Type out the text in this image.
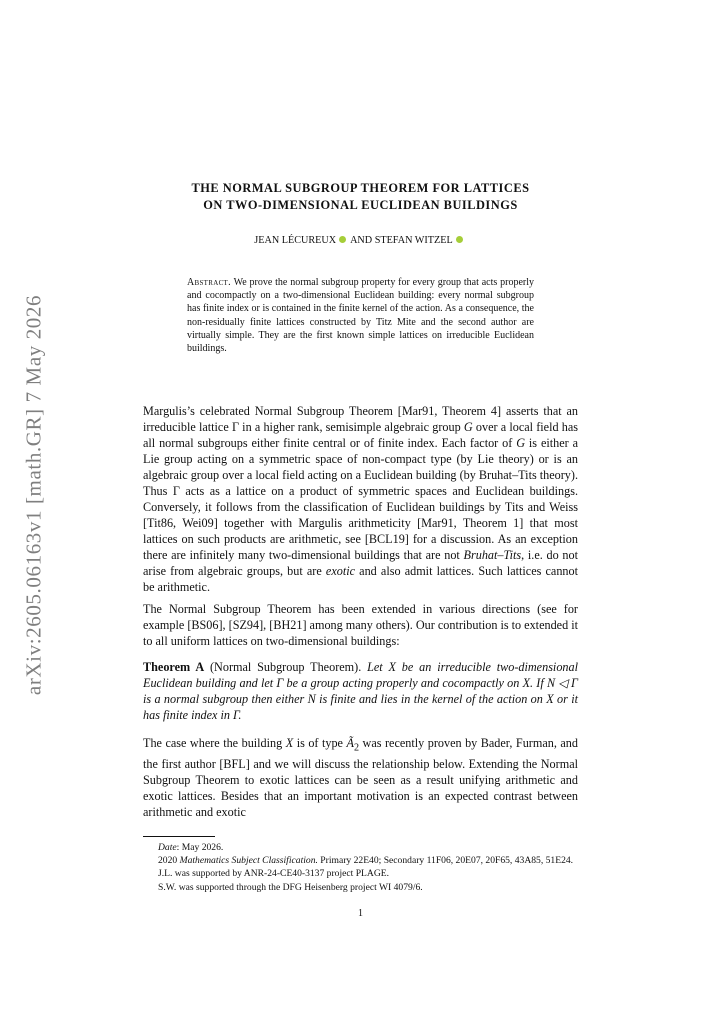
arXiv:2605.06163v1 [math.GR] 7 May 2026
THE NORMAL SUBGROUP THEOREM FOR LATTICES
ON TWO-DIMENSIONAL EUCLIDEAN BUILDINGS
JEAN LÉCUREUX AND STEFAN WITZEL
Abstract. We prove the normal subgroup property for every group that acts properly and cocompactly on a two-dimensional Euclidean building: every normal subgroup has finite index or is contained in the finite kernel of the action. As a consequence, the non-residually finite lattices constructed by Titz Mite and the second author are virtually simple. They are the first known simple lattices on irreducible Euclidean buildings.

Margulis’s celebrated Normal Subgroup Theorem [Mar91, Theorem 4] asserts that an irreducible lattice Γ in a higher rank, semisimple algebraic group G over a local field has all normal subgroups either finite central or of finite index. Each factor of G is either a Lie group acting on a symmetric space of non-compact type (by Lie theory) or is an algebraic group over a local field acting on a Euclidean building (by Bruhat–Tits theory). Thus Γ acts as a lattice on a product of symmetric spaces and Euclidean buildings. Conversely, it follows from the classification of Euclidean buildings by Tits and Weiss [Tit86, Wei09] together with Margulis arithmeticity [Mar91, Theorem 1] that most lattices on such products are arithmetic, see [BCL19] for a discussion. As an exception there are infinitely many two-dimensional buildings that are not Bruhat–Tits, i.e. do not arise from algebraic groups, but are exotic and also admit lattices. Such lattices cannot be arithmetic.

The Normal Subgroup Theorem has been extended in various directions (see for example [BS06], [SZ94], [BH21] among many others). Our contribution is to extended it to all uniform lattices on two-dimensional buildings:

Theorem A (Normal Subgroup Theorem). Let X be an irreducible two-dimensional Euclidean building and let Γ be a group acting properly and cocompactly on X. If N ◁ Γ is a normal subgroup then either N is finite and lies in the kernel of the action on X or it has finite index in Γ.

The case where the building X is of type $Ã_2$ was recently proven by Bader, Furman, and the first author [BFL] and we will discuss the relationship below. Extending the Normal Subgroup Theorem to exotic lattices can be seen as a result unifying arithmetic and exotic lattices. Besides that an important motivation is an expected contrast between arithmetic and exotic

Date: May 2026.

2020 Mathematics Subject Classification. Primary 22E40; Secondary 11F06, 20E07, 20F65, 43A85, 51E24.

J.L. was supported by ANR-24-CE40-3137 project PLAGE.

S.W. was supported through the DFG Heisenberg project WI 4079/6.

1
